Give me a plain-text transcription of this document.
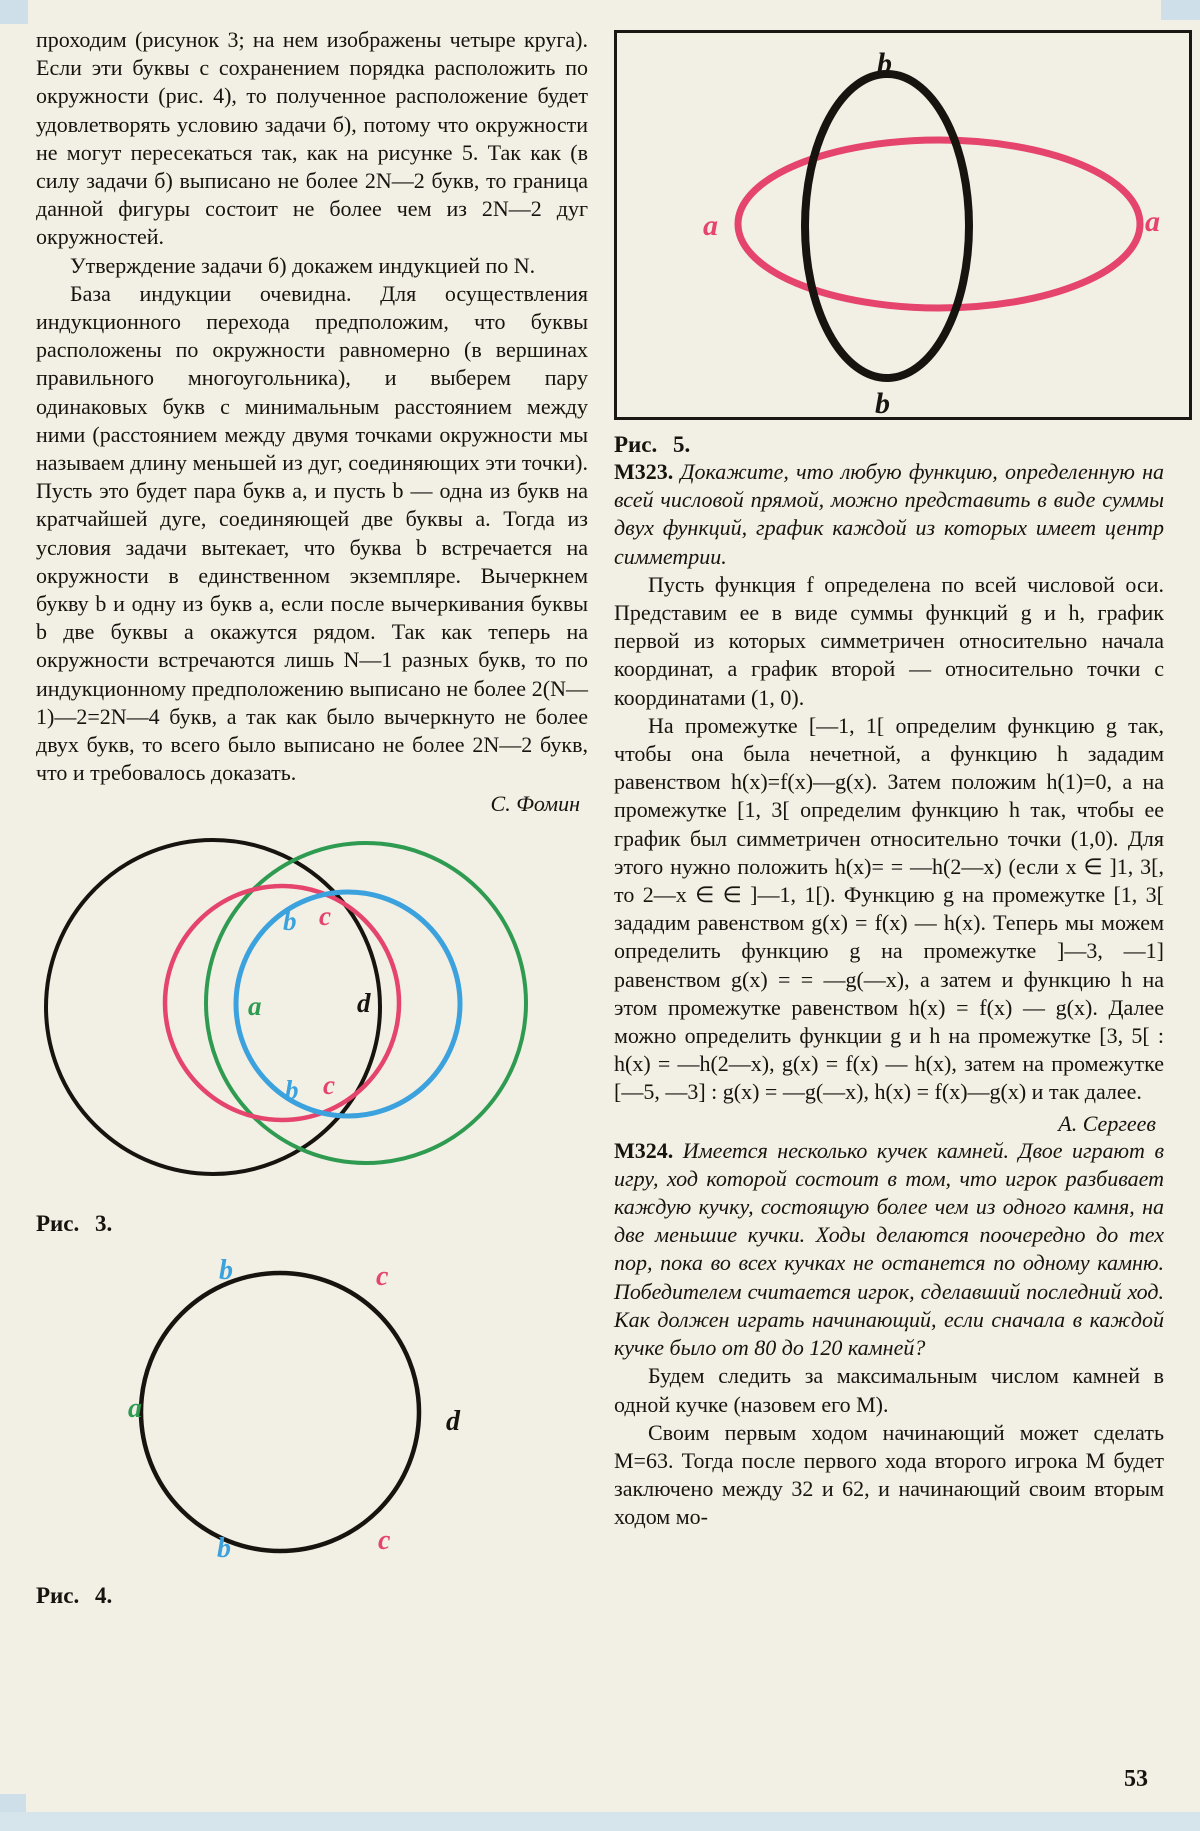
проходим (рисунок 3; на нем изображены четыре круга). Если эти буквы с сохранением порядка расположить по окружности (рис. 4), то полученное расположение будет удовлетворять условию задачи б), потому что окружности не могут пересекаться так, как на рисунке 5. Так как (в силу задачи б) выписано не более 2N—2 букв, то граница данной фигуры состоит не более чем из 2N—2 дуг окружностей.

Утверждение задачи б) докажем индукцией по N.

База индукции очевидна. Для осуществления индукционного перехода предположим, что буквы расположены по окружности равномерно (в вершинах правильного многоугольника), и выберем пару одинаковых букв с минимальным расстоянием между ними (расстоянием между двумя точками окружности мы называем длину меньшей из дуг, соединяющих эти точки). Пусть это будет пара букв а, и пусть b — одна из букв на кратчайшей дуге, соединяющей две буквы а. Тогда из условия задачи вытекает, что буква b встречается на окружности в единственном экземпляре. Вычеркнем букву b и одну из букв а, если после вычеркивания буквы b две буквы а окажутся рядом. Так как теперь на окружности встречаются лишь N—1 разных букв, то по индукционному предположению выписано не более 2(N—1)—2=2N—4 букв, а так как было вычеркнуто не более двух букв, то всего было выписано не более 2N—2 букв, что и требовалось доказать.

С. Фомин

b c
a	d
b c

Рис. 3.

b	c
a	d
b	c

Рис. 4.

b
a	a
b

Рис. 5.

М323. Докажите, что любую функцию, определенную на всей числовой прямой, можно представить в виде суммы двух функций, график каждой из которых имеет центр симметрии.

Пусть функция f определена по всей числовой оси. Представим ее в виде суммы функций g и h, график первой из которых симметричен относительно начала координат, а график второй — относительно точки с координатами (1, 0).

На промежутке [—1, 1[ определим функцию g так, чтобы она была нечетной, а функцию h зададим равенством h(x)=f(x)—g(x). Затем положим h(1)=0, а на промежутке [1, 3[ определим функцию h так, чтобы ее график был симметричен относительно точки (1,0). Для этого нужно положить h(x)= = —h(2—x) (если x ∈ ]1, 3[, то 2—x ∈ ∈ ]—1, 1[). Функцию g на промежутке [1, 3[ зададим равенством g(x) = f(x) — h(x). Теперь мы можем определить функцию g на промежутке ]—3, —1] равенством g(x) = = —g(—x), а затем и функцию h на этом промежутке равенством h(x) = f(x) — g(x). Далее можно определить функции g и h на промежутке [3, 5[ : h(x) = —h(2—x), g(x) = f(x) — h(x), затем на промежутке [—5, —3] : g(x) = —g(—x), h(x) = f(x)—g(x) и так далее.

А. Сергеев

М324. Имеется несколько кучек камней. Двое играют в игру, ход которой состоит в том, что игрок разбивает каждую кучку, состоящую более чем из одного камня, на две меньшие кучки. Ходы делаются поочередно до тех пор, пока во всех кучках не останется по одному камню. Победителем считается игрок, сделавший последний ход. Как должен играть начинающий, если сначала в каждой кучке было от 80 до 120 камней?

Будем следить за максимальным числом камней в одной кучке (назовем его M).

Своим первым ходом начинающий может сделать M=63. Тогда после первого хода второго игрока M будет заключено между 32 и 62, и начинающий своим вторым ходом мо-

53
